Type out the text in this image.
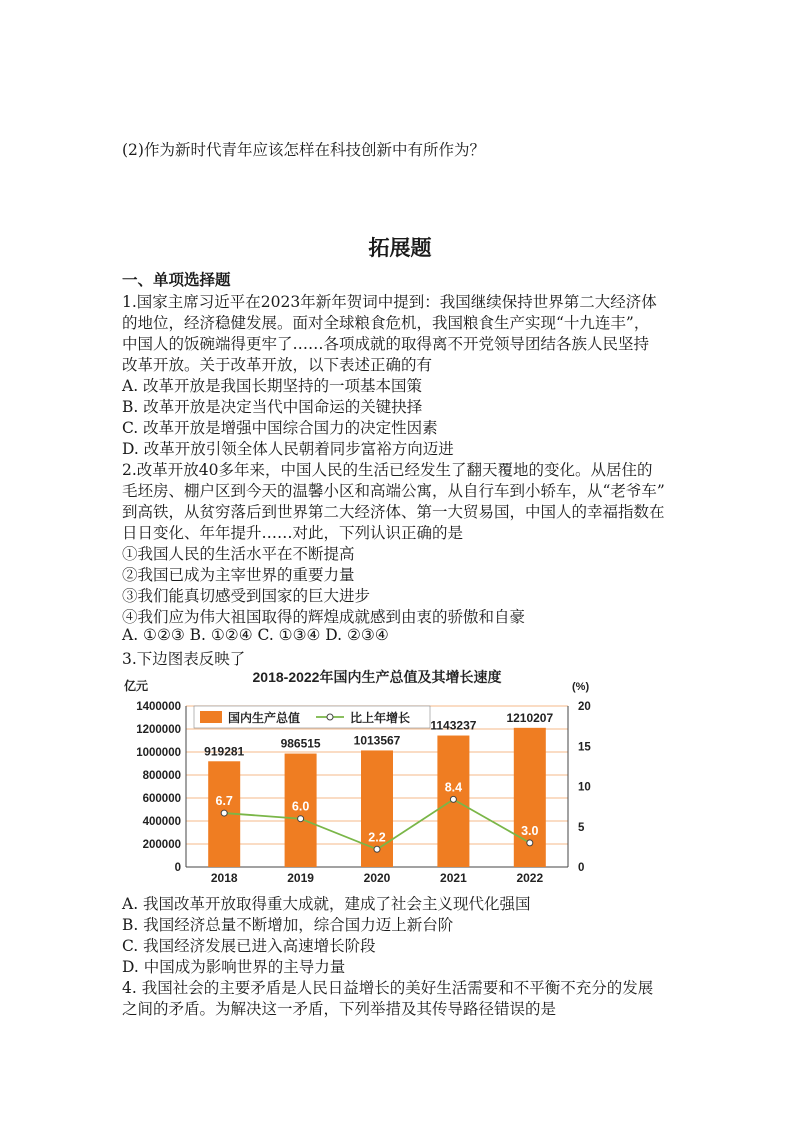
(2)作为新时代青年应该怎样在科技创新中有所作为？
拓展题
一、单项选择题
1.国家主席习近平在2023年新年贺词中提到：我国继续保持世界第二大经济体
的地位，经济稳健发展。面对全球粮食危机，我国粮食生产实现“十九连丰”，
中国人的饭碗端得更牢了……各项成就的取得离不开党领导团结各族人民坚持
改革开放。关于改革开放，以下表述正确的有
A. 改革开放是我国长期坚持的一项基本国策
B. 改革开放是决定当代中国命运的关键抉择
C. 改革开放是增强中国综合国力的决定性因素
D. 改革开放引领全体人民朝着同步富裕方向迈进
2.改革开放40多年来，中国人民的生活已经发生了翻天覆地的变化。从居住的
毛坯房、棚户区到今天的温馨小区和高端公寓，从自行车到小轿车，从“老爷车”
到高铁，从贫穷落后到世界第二大经济体、第一大贸易国，中国人的幸福指数在
日日变化、年年提升……对此，下列认识正确的是
①我国人民的生活水平在不断提高
②我国已成为主宰世界的重要力量
③我们能真切感受到国家的巨大进步
④我们应为伟大祖国取得的辉煌成就感到由衷的骄傲和自豪
A. ①②③ B. ①②④ C. ①③④ D. ②③④
3.下边图表反映了
2018-2022年国内生产总值及其增长速度
亿元	(%)
0
200000
400000
600000
800000
1000000
1200000
1400000
0
5
10
15
20
919281
2018
986515
2019
1013567
2020
1143237
2021
1210207
2022
6.7	6.0
2.2
8.4
3.0
国内生产总值	比上年增长
A. 我国改革开放取得重大成就，建成了社会主义现代化强国
B. 我国经济总量不断增加，综合国力迈上新台阶
C. 我国经济发展已进入高速增长阶段
D. 中国成为影响世界的主导力量
4. 我国社会的主要矛盾是人民日益增长的美好生活需要和不平衡不充分的发展
之间的矛盾。为解决这一矛盾，下列举措及其传导路径错误的是
